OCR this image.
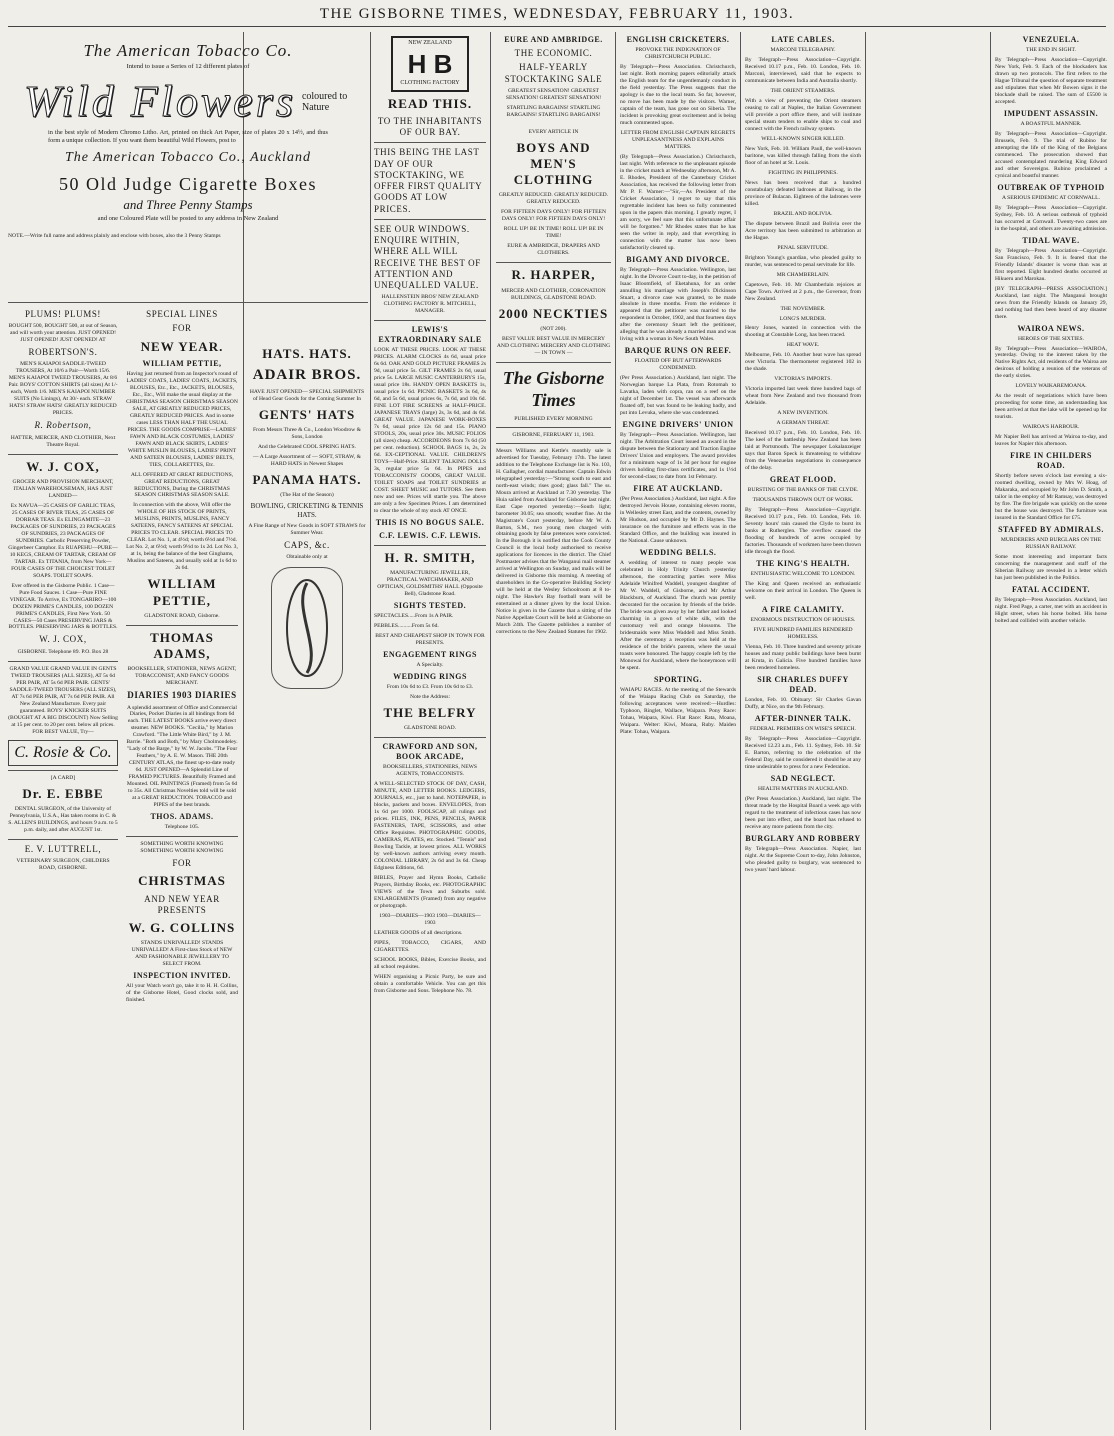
THE GISBORNE TIMES, WEDNESDAY, FEBRUARY 11, 1903.
The American Tobacco Co.

Intend to issue a Series of 12 different plates of

Wild Flowers coloured to Nature

in the best style of Modern Chromo Litho. Art, printed on thick Art Paper, size of plates 20 x 14½, and thus form a unique collection. If you want them beautiful Wild Flowers, post to

The American Tobacco Co., Auckland
50 Old Judge Cigarette Boxes
and Three Penny Stamps

and one Coloured Plate will be posted to any address in New Zealand

NOTE.—Write full name and address plainly and enclose with boxes, also the 3 Penny Stamps

PLUMS! PLUMS!

BOUGHT 500, BOUGHT 500, at out of Season, and will worth your attention. JUST OPENED! JUST OPENED! JUST OPENED! AT

ROBERTSON'S.

MEN'S KAIAPOI SADDLE-TWEED TROUSERS, At 10/6 a Pair—Worth 15/6. MEN'S KAIAPOI TWEED TROUSERS, At 8/6 Pair. BOYS' COTTON SHIRTS (all sizes) At 1/- each, Worth 1/6. MEN'S KAIAPOI NUMBER SUITS (No Linings), At 30/- each. STRAW HATS! STRAW HATS! GREATLY REDUCED PRICES.

R. Robertson,

HATTER, MERCER, AND CLOTHIER, Next Theatre Royal.

W. J. COX,

GROCER AND PROVISION MERCHANT, ITALIAN WAREHOUSEMAN, HAS JUST LANDED—

Ex NAVUA—25 CASES OF GARLIC TEAS, 25 CASES OF RIVER TEAS, 25 CASES OF DORBAR TEAS. Ex ELINGAMITE—23 PACKAGES OF SUNDRIES, 23 PACKAGES OF SUNDRIES, 23 PACKAGES OF SUNDRIES. Carbolic Preserving Powder, Gingerbeer Camphor. Ex RUAPEHU—PURE—10 KEGS, CREAM OF TARTAR, CREAM OF TARTAR. Ex TITANIA, from New York—FOUR CASES OF THE CHOICEST TOILET SOAPS. TOILET SOAPS.

Ever offered in the Gisborne Public. 1 Case—Pure Food Sauces. 1 Case—Pure FINE VINEGAR. To Arrive, Ex TONGARIRO—100 DOZEN PRIME'S CANDLES, 100 DOZEN PRIME'S CANDLES, First New York. 50 CASES—50 Cases PRESERVING JARS & BOTTLES. PRESERVING JARS & BOTTLES.

W. J. COX,

GISBORNE. Telephone 89. P.O. Box 28

GRAND VALUE GRAND VALUE IN GENTS TWEED TROUSERS (ALL SIZES), AT 5s 6d PER PAIR, AT 5s 6d PER PAIR. GENTS' SADDLE-TWEED TROUSERS (ALL SIZES), AT 7s 6d PER PAIR, AT 7s 6d PER PAIR. All New Zealand Manufacture. Every pair guaranteed. BOYS' KNICKER SUITS (BOUGHT AT A BIG DISCOUNT) Now Selling at 15 per cent. to 20 per cent. below all prices. FOR BEST VALUE, Try—

C. Rosie & Co.

[A CARD]

Dr. E. EBBE

DENTAL SURGEON, of the University of Pennsylvania, U.S.A., Has taken rooms in C. & S. ALLEN'S BUILDINGS, and hours 9 a.m. to 5 p.m. daily, and after AUGUST 1st.

E. V. LUTTRELL,

VETERINARY SURGEON, CHILDERS ROAD, GISBORNE.

SPECIAL LINES
FOR
NEW YEAR.
WILLIAM PETTIE,

Having just returned from an Inspector's round of LADIES' COATS, LADIES' COATS, JACKETS, BLOUSES, Etc., Etc., JACKETS, BLOUSES, Etc., Etc., Will make the usual display at the CHRISTMAS SEASON CHRISTMAS SEASON SALE, AT GREATLY REDUCED PRICES, GREATLY REDUCED PRICES. And in some cases LESS THAN HALF THE USUAL PRICES. THE GOODS COMPRISE—LADIES' FAWN AND BLACK COSTUMES, LADIES' FAWN AND BLACK SKIRTS, LADIES' WHITE MUSLIN BLOUSES, LADIES' PRINT AND SATEEN BLOUSES, LADIES' BELTS, TIES, COLLARETTES, Etc.

ALL OFFERED AT GREAT REDUCTIONS, GREAT REDUCTIONS, GREAT REDUCTIONS, During the CHRISTMAS SEASON CHRISTMAS SEASON SALE.

In connection with the above, Will offer the WHOLE OF HIS STOCK OF PRINTS, MUSLINS, PRINTS, MUSLINS, FANCY SATEENS, FANCY SATEENS AT SPECIAL PRICES TO CLEAR. SPECIAL PRICES TO CLEAR. Lot No. 1, at 4½d; worth 6½d and 7½d. Lot No. 2, at 6½d; worth 9½d to 1s 2d. Lot No. 3, at 1s, being the balance of the best Ginghams, Muslins and Sateens, and usually sold at 1s 6d to 2s 6d.

WILLIAM PETTIE,

GLADSTONE ROAD, Gisborne.

THOMAS ADAMS,

BOOKSELLER, STATIONER, NEWS AGENT, TOBACCONIST, AND FANCY GOODS MERCHANT.

DIARIES 1903 DIARIES

A splendid assortment of Office and Commercial Diaries, Pocket Diaries in all bindings from 6d each. THE LATEST BOOKS arrive every direct steamer. NEW BOOKS. "Cecilia," by Marion Crawford. "The Little White Bird," by J. M. Barrie. "Both and Both," by Mary Cholmondeley. "Lady of the Barge," by W. W. Jacobs. "The Four Feathers," by A. E. W. Mason. THE 20th CENTURY ATLAS, the finest up-to-date ready 6d. JUST OPENED—A Splendid Line of FRAMED PICTURES. Beautifully Framed and Mounted. OIL PAINTINGS (Framed) from 5s 6d to 35s. All Christmas Novelties told will be sold at a GREAT REDUCTION. TOBACCO and PIPES of the best brands.

THOS. ADAMS.

Telephone 105.

SOMETHING WORTH KNOWING SOMETHING WORTH KNOWING

FOR
CHRISTMAS
AND NEW YEAR PRESENTS
W. G. COLLINS

STANDS UNRIVALLED! STANDS UNRIVALLED! A First-class Stock of NEW AND FASHIONABLE JEWELLERY TO SELECT FROM.

INSPECTION INVITED.

All your Watch won't go, take it to H. H. Collins, of the Gisborne Hotel, Good clocks sold, and finished.

HATS. HATS.
ADAIR BROS.

HAVE JUST OPENED— SPECIAL SHIPMENTS of Head Gear Goods for the Coming Summer In

GENTS' HATS

From Messrs Three & Co., London Woodrow & Sons, London

And the Celebrated COOL SPRING HATS.

— A Large Assortment of — SOFT, STRAW, & HARD HATS in Newest Shapes

PANAMA HATS.

(The Hat of the Season)

BOWLING, CRICKETING & TENNIS HATS.

A Fine Range of New Goods in SOFT STRAWS for Summer Wear.

CAPS, &c.

Obtainable only at

NEW ZEALAND
H B
CLOTHING FACTORY
READ THIS.
TO THE INHABITANTS OF OUR BAY.
THIS BEING THE LAST DAY OF OUR STOCKTAKING, WE OFFER FIRST QUALITY GOODS AT LOW PRICES.
SEE OUR WINDOWS. ENQUIRE WITHIN, WHERE ALL WILL RECEIVE THE BEST OF ATTENTION AND UNEQUALLED VALUE.

HALLENSTEIN BROS' NEW ZEALAND CLOTHING FACTORY R. MITCHELL, MANAGER.

LEWIS'S EXTRAORDINARY SALE

LOOK AT THESE PRICES. LOOK AT THESE PRICES. ALARM CLOCKS 4s 6d, usual price 6s 6d. OAK AND GOLD PICTURE FRAMES 2s 9d, usual price 5s. GILT FRAMES 2s 6d, usual price 5s. LARGE MUSIC CANTERBURYS 15s, usual price 18s. HANDY OPEN BASKETS 1s, usual price 1s 6d. PICNIC BASKETS 3s 6d, 4s 6d, and 5s 6d, usual prices 6s, 7s 6d, and 10s 6d. FINE LOT FIRE SCREENS at HALF-PRICE. JAPANESE TRAYS (large) 2s, 3s 6d, and 4s 6d. GREAT VALUE. JAPANESE WORK-BOXES 7s 6d, usual price 12s 6d and 15s. PIANO STOOLS, 20s, usual price 30s. MUSIC FOLIOS (all sizes) cheap. ACCORDEONS from 7s 6d (50 per cent. reduction). SCHOOL BAGS 1s, 2s, 2s 6d. EX-CEPTIONAL VALUE. CHILDREN'S TOYS—Half-Price. SILENT TALKING DOLLS 3s, regular price 5s 6d. In PIPES and TOBACCONISTS' GOODS, GREAT VALUE. TOILET SOAPS and TOILET SUNDRIES at COST. SHEET MUSIC and TUTORS. See them now and see. Prices will startle you. The above are only a few Specimen Prices. I am determined to clear the whole of my stock AT ONCE.

THIS IS NO BOGUS SALE.
C.F. LEWIS. C.F. LEWIS.
H. R. SMITH,

MANUFACTURING JEWELLER, PRACTICAL WATCHMAKER, AND OPTICIAN, GOLDSMITHS' HALL (Opposite Bell), Gladstone Road.

SIGHTS TESTED.

SPECTACLES.....From 1s A PAIR.

PEBBLES..........From 5s 6d.

BEST AND CHEAPEST SHOP IN TOWN FOR PRESENTS.

ENGAGEMENT RINGS

A Specialty.

WEDDING RINGS

From 10s 6d to £3. From 10s 6d to £3.

Note the Address:

THE BELFRY

GLADSTONE ROAD.

CRAWFORD AND SON, BOOK ARCADE,

BOOKSELLERS, STATIONERS, NEWS AGENTS, TOBACCONISTS.

A WELL-SELECTED STOCK OF DAY, CASH, MINUTE, AND LETTER BOOKS. LEDGERS, JOURNALS, etc., just to hand. NOTEPAPER, in blocks, packets and boxes. ENVELOPES, from 1s 6d per 1000. FOOLSCAP, all rulings and prices. FILES, INK, PENS, PENCILS, PAPER FASTENERS, TAPE, SCISSORS, and other Office Requisites. PHOTOGRAPHIC GOODS, CAMERAS, PLATES, etc. Stocked. "Tennis" and Bowling Tackle, at lowest prices. ALL WORKS by well-known authors arriving every month. COLONIAL LIBRARY, 2s 6d and 3s 6d. Cheap Edginess Editions, 6d.

BIBLES, Prayer and Hymn Books, Catholic Prayers, Birthday Books, etc. PHOTOGRAPHIC VIEWS of the Town and Suburbs sold. ENLARGEMENTS (Framed) from any negative or photograph.

1903—DIARIES—1903 1903—DIARIES—1903

LEATHER GOODS of all descriptions.

PIPES, TOBACCO, CIGARS, AND CIGARETTES.

SCHOOL BOOKS, Bibles, Exercise Books, and all school requisites.

WHEN organising a Picnic Party, be sure and obtain a comfortable Vehicle. You can get this from Gisborne and Sons. Telephone No. 78.

EURE AND AMBRIDGE.
THE ECONOMIC.
HALF-YEARLY STOCKTAKING SALE

GREATEST SENSATION! GREATEST SENSATION! GREATEST SENSATION!

STARTLING BARGAINS! STARTLING BARGAINS! STARTLING BARGAINS!

EVERY ARTICLE IN

BOYS AND MEN'S CLOTHING

GREATLY REDUCED. GREATLY REDUCED. GREATLY REDUCED.

FOR FIFTEEN DAYS ONLY! FOR FIFTEEN DAYS ONLY! FOR FIFTEEN DAYS ONLY!

ROLL UP! BE IN TIME! ROLL UP! BE IN TIME!

EURE & AMBRIDGE, DRAPERS AND CLOTHIERS.

R. HARPER,

MERCER AND CLOTHIER, CORONATION BUILDINGS, GLADSTONE ROAD.

2000 NECKTIES

(NOT 200).

BEST VALUE BEST VALUE IN MERCERY AND CLOTHING MERCERY AND CLOTHING — IN TOWN —

The Gisborne Times

PUBLISHED EVERY MORNING

GISBORNE, FEBRUARY 11, 1903.

Messrs Williams and Kettle's monthly sale is advertised for Tuesday, February 17th. The latest addition to the Telephone Exchange list is No. 103, H. Gallagher, cordial manufacturer. Captain Edwin telegraphed yesterday:—"Strong south to east and north-east winds; rises good; glass fall." The ss. Moura arrived at Auckland at 7.30 yesterday. The Huia sailed from Auckland for Gisborne last night. East Cape reported yesterday:—South light; barometer 30.05; sea smooth; weather fine. At the Magistrate's Court yesterday, before Mr W. A. Barton, S.M., two young men charged with obtaining goods by false pretences were convicted. In the Borough it is notified that the Cook County Council is the local body authorised to receive applications for licences in the district. The Chief Postmaster advises that the Wanganui mail steamer arrived at Wellington on Sunday, and mails will be delivered in Gisborne this morning. A meeting of shareholders in the Co-operative Building Society will be held at the Wesley Schoolroom at 8 to-night. The Hawke's Bay football team will be entertained at a dinner given by the local Union. Notice is given in the Gazette that a sitting of the Native Appellate Court will be held at Gisborne on March 24th. The Gazette publishes a number of corrections to the New Zealand Statutes for 1902.

ENGLISH CRICKETERS.

PROVOKE THE INDIGNATION OF CHRISTCHURCH PUBLIC.

By Telegraph—Press Association. Christchurch, last night. Both morning papers editorially attack the English team for the ungentlemanly conduct in the field yesterday. The Press suggests that the apology is due to the local team. So far, however, no move has been made by the visitors. Warner, captain of the team, has gone out on Siberia. The incident is provoking great excitement and is being much commented upon.

LETTER FROM ENGLISH CAPTAIN REGRETS UNPLEASANTNESS AND EXPLAINS MATTERS.

(By Telegraph—Press Association.) Christchurch, last night. With reference to the unpleasant episode in the cricket match at Wednesday afternoon, Mr A. E. Rhodes, President of the Canterbury Cricket Association, has received the following letter from Mr P. F. Warner:—"Sir,—As President of the Cricket Association, I regret to say that this regrettable incident has been so fully commented upon in the papers this morning. I greatly regret, I am sorry, we feel sure that this unfortunate affair will be forgotten." Mr Rhodes states that he has seen the writer in reply, and that everything in connection with the matter has now been satisfactorily cleared up.

BIGAMY AND DIVORCE.

By Telegraph—Press Association. Wellington, last night. In the Divorce Court to-day, in the petition of Isaac Bloomfield, of Eketahuna, for an order annulling his marriage with Joseph's Dickinson Stuart, a divorce case was granted, to be made absolute in three months. From the evidence it appeared that the petitioner was married to the respondent in October, 1902, and that fourteen days after the ceremony Stuart left the petitioner, alleging that he was already a married man and was living with a woman in New South Wales.

BARQUE RUNS ON REEF.

FLOATED OFF BUT AFTERWARDS CONDEMNED.

(Per Press Association.) Auckland, last night. The Norwegian barque La Plata, from Rotomah to Lavatka, laden with copra, ran on a reef on the night of December 1st. The vessel was afterwards floated off, but was found to be leaking badly, and put into Levuka, where she was condemned.

ENGINE DRIVERS' UNION

By Telegraph—Press Association. Wellington, last night. The Arbitration Court issued an award in the dispute between the Stationary and Traction Engine Drivers' Union and employers. The award provides for a minimum wage of 1s 3d per hour for engine drivers holding first-class certificates, and 1s 1½d for second-class; to date from 1st February.

FIRE AT AUCKLAND.

(Per Press Association.) Auckland, last night. A fire destroyed Jervois House, containing eleven rooms, in Wellesley street East, and the contents, owned by Mr Hudson, and occupied by Mr D. Haynes. The insurance on the furniture and effects was in the Standard Office, and the building was insured in the National. Cause unknown.

WEDDING BELLS.

A wedding of interest to many people was celebrated in Holy Trinity Church yesterday afternoon, the contracting parties were Miss Adelaide Winifred Waddell, youngest daughter of Mr W. Waddell, of Gisborne, and Mr Arthur Blackburn, of Auckland. The church was prettily decorated for the occasion by friends of the bride. The bride was given away by her father and looked charming in a gown of white silk, with the customary veil and orange blossoms. The bridesmaids were Miss Waddell and Miss Smith. After the ceremony a reception was held at the residence of the bride's parents, where the usual toasts were honoured. The happy couple left by the Monowai for Auckland, where the honeymoon will be spent.

SPORTING.

WAIAPU RACES. At the meeting of the Stewards of the Waiapu Racing Club on Saturday, the following acceptances were received:—Hurdles: Typhoon, Ringlet, Wallace, Waipara. Pony Race: Tohau, Waipara, Kiwi. Flat Race: Rata, Moana, Waipara. Welter: Kiwi, Moana, Ruby. Maiden Plate: Tohau, Waipara.

LATE CABLES.

MARCONI TELEGRAPHY.

By Telegraph—Press Association—Copyright. Received 10.17 p.m., Feb. 10. London, Feb. 10. Marconi, interviewed, said that he expects to communicate between India and Australia shortly.

THE ORIENT STEAMERS.

With a view of preventing the Orient steamers ceasing to call at Naples, the Italian Government will provide a port office there, and will institute special steam tenders to enable ships to coal and connect with the French railway system.

WELL-KNOWN SINGER KILLED.

New York, Feb. 10. William Paull, the well-known baritone, was killed through falling from the sixth floor of an hotel at St. Louis.

FIGHTING IN PHILIPPINES.

News has been received that a hundred constabulary defeated ladrones at Baliwag, in the province of Bulacan. Eighteen of the ladrones were killed.

BRAZIL AND BOLIVIA.

The dispute between Brazil and Bolivia over the Acre territory has been submitted to arbitration at the Hague.

PENAL SERVITUDE.

Brighton Young's guardian, who pleaded guilty to murder, was sentenced to penal servitude for life.

MR CHAMBERLAIN.

Capetown, Feb. 10. Mr Chamberlain rejoices at Cape Town. Arrived at 2 p.m., the Governor, from New Zealand.

THE NOVEMBER.

LONG'S MURDER.

Henry Jones, wanted in connection with the shooting at Constable Long, has been traced.

HEAT WAVE.

Melbourne, Feb. 10. Another heat wave has spread over Victoria. The thermometer registered 102 in the shade.

VICTORIA'S IMPORTS.

Victoria imported last week three hundred bags of wheat from New Zealand and two thousand from Adelaide.

A NEW INVENTION.

A GERMAN THREAT.

Received 10.17 p.m., Feb. 10. London, Feb. 10. The keel of the battleship New Zealand has been laid at Portsmouth. The newspaper Lokalanzeiger says that Baron Speck is threatening to withdraw from the Venezuelan negotiations in consequence of the delay.

GREAT FLOOD.

BURSTING OF THE BANKS OF THE CLYDE.

THOUSANDS THROWN OUT OF WORK.

By Telegraph—Press Association—Copyright. Received 10.17 p.m., Feb. 10. London, Feb. 10. Seventy hours' rain caused the Clyde to burst its banks at Rutherglen. The overflow caused the flooding of hundreds of acres occupied by factories. Thousands of workmen have been thrown idle through the flood.

THE KING'S HEALTH.

ENTHUSIASTIC WELCOME TO LONDON.

The King and Queen received an enthusiastic welcome on their arrival in London. The Queen is well.

A FIRE CALAMITY.

ENORMOUS DESTRUCTION OF HOUSES.

FIVE HUNDRED FAMILIES RENDERED HOMELESS.

Vienna, Feb. 10. Three hundred and seventy private houses and many public buildings have been burnt at Kruta, in Galicia. Five hundred families have been rendered homeless.

SIR CHARLES DUFFY DEAD.

London, Feb. 10. Obituary: Sir Charles Gavan Duffy, at Nice, on the 9th February.

AFTER-DINNER TALK.

FEDERAL PREMIERS ON WISE'S SPEECH.

By Telegraph—Press Association—Copyright. Received 12.23 a.m., Feb. 11. Sydney, Feb. 10. Sir E. Barton, referring to the celebration of the Federal Day, said he considered it should be at any time undesirable to press for a new Federation.

SAD NEGLECT.

HEALTH MATTERS IN AUCKLAND.

(Per Press Association.) Auckland, last night. The threat made by the Hospital Board a week ago with regard to the treatment of infectious cases has now been put into effect, and the board has refused to receive any more patients from the city.

BURGLARY AND ROBBERY

By Telegraph—Press Association. Napier, last night. At the Supreme Court to-day, John Johnston, who pleaded guilty to burglary, was sentenced to two years' hard labour.

VENEZUELA.

THE END IN SIGHT.

By Telegraph—Press Association—Copyright. New York, Feb. 9. Each of the blockaders has drawn up two protocols. The first refers to the Hague Tribunal the question of separate treatment and stipulates that when Mr Bowen signs it the blockade shall be raised. The sum of £5500 is accepted.

IMPUDENT ASSASSIN.

A BOASTFUL MANNER.

By Telegraph—Press Association—Copyright. Brussels, Feb. 9. The trial of Rubino for attempting the life of the King of the Belgians commenced. The prosecution showed that accused contemplated murdering King Edward and other Sovereigns. Rubino proclaimed a cynical and boastful manner.

OUTBREAK OF TYPHOID

A SERIOUS EPIDEMIC AT CORNWALL.

By Telegraph—Press Association—Copyright. Sydney, Feb. 10. A serious outbreak of typhoid has occurred at Cornwall. Twenty-two cases are in the hospital, and others are awaiting admission.

TIDAL WAVE.

By Telegraph—Press Association—Copyright. San Francisco, Feb. 9. It is feared that the Friendly Islands' disaster is worse than was at first reported. Eight hundred deaths occurred at Hikueru and Marokau.

[BY TELEGRAPH—PRESS ASSOCIATION.] Auckland, last night. The Manganui brought news from the Friendly Islands on January 29, and nothing had then been heard of any disaster there.

WAIROA NEWS.

HEROES OF THE SIXTIES.

By Telegraph—Press Association—WAIROA, yesterday. Owing to the interest taken by the Native Rights Act, old residents of the Wairoa are desirous of holding a reunion of the veterans of the early sixties.

LOVELY WAIKAREMOANA.

As the result of negotiations which have been proceeding for some time, an understanding has been arrived at that the lake will be opened up for tourists.

WAIROA'S HARBOUR.

Mr Napier Bell has arrived at Wairoa to-day, and leaves for Napier this afternoon.

FIRE IN CHILDERS ROAD.

Shortly before seven o'clock last evening a six-roomed dwelling, owned by Mrs W. Hoag, of Makaraka, and occupied by Mr John D. Smith, a tailor in the employ of Mr Ramsay, was destroyed by fire. The fire brigade was quickly on the scene but the house was destroyed. The furniture was insured in the Standard Office for £75.

STAFFED BY ADMIRALS.

MURDERERS AND BURGLARS ON THE RUSSIAN RAILWAY.

Some most interesting and important facts concerning the management and staff of the Siberian Railway are revealed in a letter which has just been published in the Politics.

FATAL ACCIDENT.

By Telegraph—Press Association. Auckland, last night. Fred Page, a carter, met with an accident in Hight street, when his horse bolted. His horse bolted and collided with another vehicle.
